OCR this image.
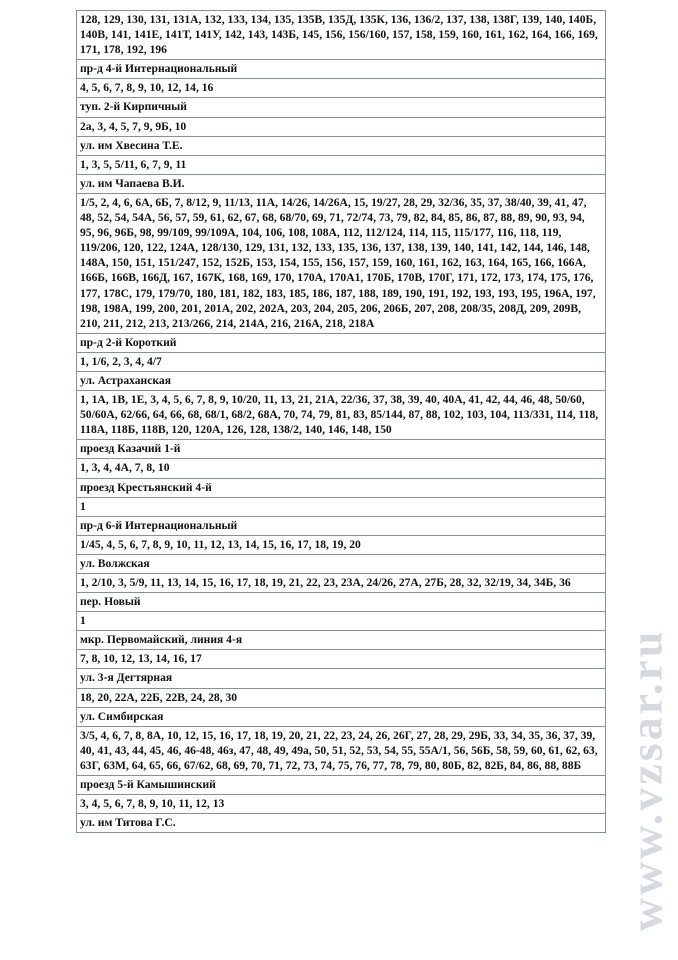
128, 129, 130, 131, 131А, 132, 133, 134, 135, 135В, 135Д, 135К, 136, 136/2, 137, 138, 138Г, 139, 140, 140Б, 140В, 141, 141Е, 141Т, 141У, 142, 143, 143Б, 145, 156, 156/160, 157, 158, 159, 160, 161, 162, 164, 166, 169, 171, 178, 192, 196
пр-д 4-й Интернациональный
4, 5, 6, 7, 8, 9, 10, 12, 14, 16
туп. 2-й Кирпичный
2а, 3, 4, 5, 7, 9, 9Б, 10
ул. им Хвесина Т.Е.
1, 3, 5, 5/11, 6, 7, 9, 11
ул. им Чапаева В.И.
1/5, 2, 4, 6, 6А, 6Б, 7, 8/12, 9, 11/13, 11А, 14/26, 14/26А, 15, 19/27, 28, 29, 32/36, 35, 37, 38/40, 39, 41, 47, 48, 52, 54, 54А, 56, 57, 59, 61, 62, 67, 68, 68/70, 69, 71, 72/74, 73, 79, 82, 84, 85, 86, 87, 88, 89, 90, 93, 94, 95, 96, 96Б, 98, 99/109, 99/109А, 104, 106, 108, 108А, 112, 112/124, 114, 115, 115/177, 116, 118, 119, 119/206, 120, 122, 124А, 128/130, 129, 131, 132, 133, 135, 136, 137, 138, 139, 140, 141, 142, 144, 146, 148, 148А, 150, 151, 151/247, 152, 152Б, 153, 154, 155, 156, 157, 159, 160, 161, 162, 163, 164, 165, 166, 166А, 166Б, 166В, 166Д, 167, 167К, 168, 169, 170, 170А, 170А1, 170Б, 170В, 170Г, 171, 172, 173, 174, 175, 176, 177, 178С, 179, 179/70, 180, 181, 182, 183, 185, 186, 187, 188, 189, 190, 191, 192, 193, 193, 195, 196А, 197, 198, 198А, 199, 200, 201, 201А, 202, 202А, 203, 204, 205, 206, 206Б, 207, 208, 208/35, 208Д, 209, 209В, 210, 211, 212, 213, 213/266, 214, 214А, 216, 216А, 218, 218А
пр-д 2-й Короткий
1, 1/6, 2, 3, 4, 4/7
ул. Астраханская
1, 1А, 1В, 1Е, 3, 4, 5, 6, 7, 8, 9, 10/20, 11, 13, 21, 21А, 22/36, 37, 38, 39, 40, 40А, 41, 42, 44, 46, 48, 50/60, 50/60А, 62/66, 64, 66, 68, 68/1, 68/2, 68А, 70, 74, 79, 81, 83, 85/144, 87, 88, 102, 103, 104, 113/331, 114, 118, 118А, 118Б, 118В, 120, 120А, 126, 128, 138/2, 140, 146, 148, 150
проезд Казачий 1-й
1, 3, 4, 4А, 7, 8, 10
проезд Крестьянский 4-й
1
пр-д 6-й Интернациональный
1/45, 4, 5, 6, 7, 8, 9, 10, 11, 12, 13, 14, 15, 16, 17, 18, 19, 20
ул. Волжская
1, 2/10, 3, 5/9, 11, 13, 14, 15, 16, 17, 18, 19, 21, 22, 23, 23А, 24/26, 27А, 27Б, 28, 32, 32/19, 34, 34Б, 36
пер. Новый
1
мкр. Первомайский, линия 4-я
7, 8, 10, 12, 13, 14, 16, 17
ул. 3-я Дегтярная
18, 20, 22А, 22Б, 22В, 24, 28, 30
ул. Симбирская
3/5, 4, 6, 7, 8, 8А, 10, 12, 15, 16, 17, 18, 19, 20, 21, 22, 23, 24, 26, 26Г, 27, 28, 29, 29Б, 33, 34, 35, 36, 37, 39, 40, 41, 43, 44, 45, 46, 46-48, 46з, 47, 48, 49, 49а, 50, 51, 52, 53, 54, 55, 55А/1, 56, 56Б, 58, 59, 60, 61, 62, 63, 63Г, 63М, 64, 65, 66, 67/62, 68, 69, 70, 71, 72, 73, 74, 75, 76, 77, 78, 79, 80, 80Б, 82, 82Б, 84, 86, 88, 88Б
проезд 5-й Камышинский
3, 4, 5, 6, 7, 8, 9, 10, 11, 12, 13
ул. им Титова Г.С.	www.vzsar.ru
